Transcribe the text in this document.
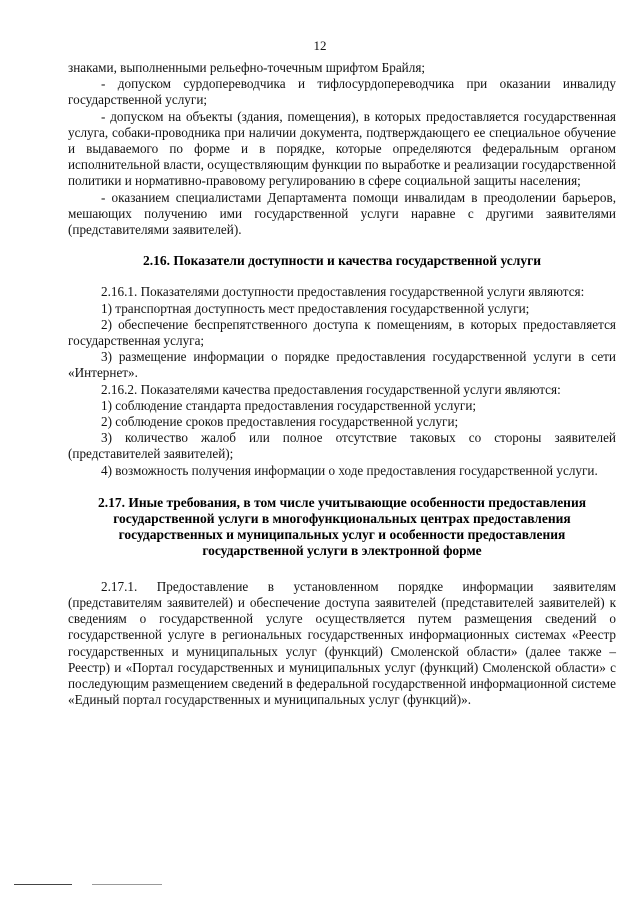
12

знаками, выполненными рельефно-точечным шрифтом Брайля;

- допуском сурдопереводчика и тифлосурдопереводчика при оказании инвалиду государственной услуги;

- допуском на объекты (здания, помещения), в которых предоставляется государственная услуга, собаки-проводника при наличии документа, подтверждающего ее специальное обучение и выдаваемого по форме и в порядке, которые определяются федеральным органом исполнительной власти, осуществляющим функции по выработке и реализации государственной политики и нормативно-правовому регулированию в сфере социальной защиты населения;

- оказанием специалистами Департамента помощи инвалидам в преодолении барьеров, мешающих получению ими государственной услуги наравне с другими заявителями (представителями заявителей).

2.16. Показатели доступности и качества государственной услуги

2.16.1. Показателями доступности предоставления государственной услуги являются:

1) транспортная доступность мест предоставления государственной услуги;

2) обеспечение беспрепятственного доступа к помещениям, в которых предоставляется государственная услуга;

3) размещение информации о порядке предоставления государственной услуги в сети «Интернет».

2.16.2. Показателями качества предоставления государственной услуги являются:

1) соблюдение стандарта предоставления государственной услуги;

2) соблюдение сроков предоставления государственной услуги;

3) количество жалоб или полное отсутствие таковых со стороны заявителей (представителей заявителей);

4) возможность получения информации о ходе предоставления государственной услуги.

2.17. Иные требования, в том числе учитывающие особенности предоставления государственной услуги в многофункциональных центрах предоставления государственных и муниципальных услуг и особенности предоставления государственной услуги в электронной форме

2.17.1. Предоставление в установленном порядке информации заявителям (представителям заявителей) и обеспечение доступа заявителей (представителей заявителей) к сведениям о государственной услуге осуществляется путем размещения сведений о государственной услуге в региональных государственных информационных системах «Реестр государственных и муниципальных услуг (функций) Смоленской области» (далее также – Реестр) и «Портал государственных и муниципальных услуг (функций) Смоленской области» с последующим размещением сведений в федеральной государственной информационной системе «Единый портал государственных и муниципальных услуг (функций)».
